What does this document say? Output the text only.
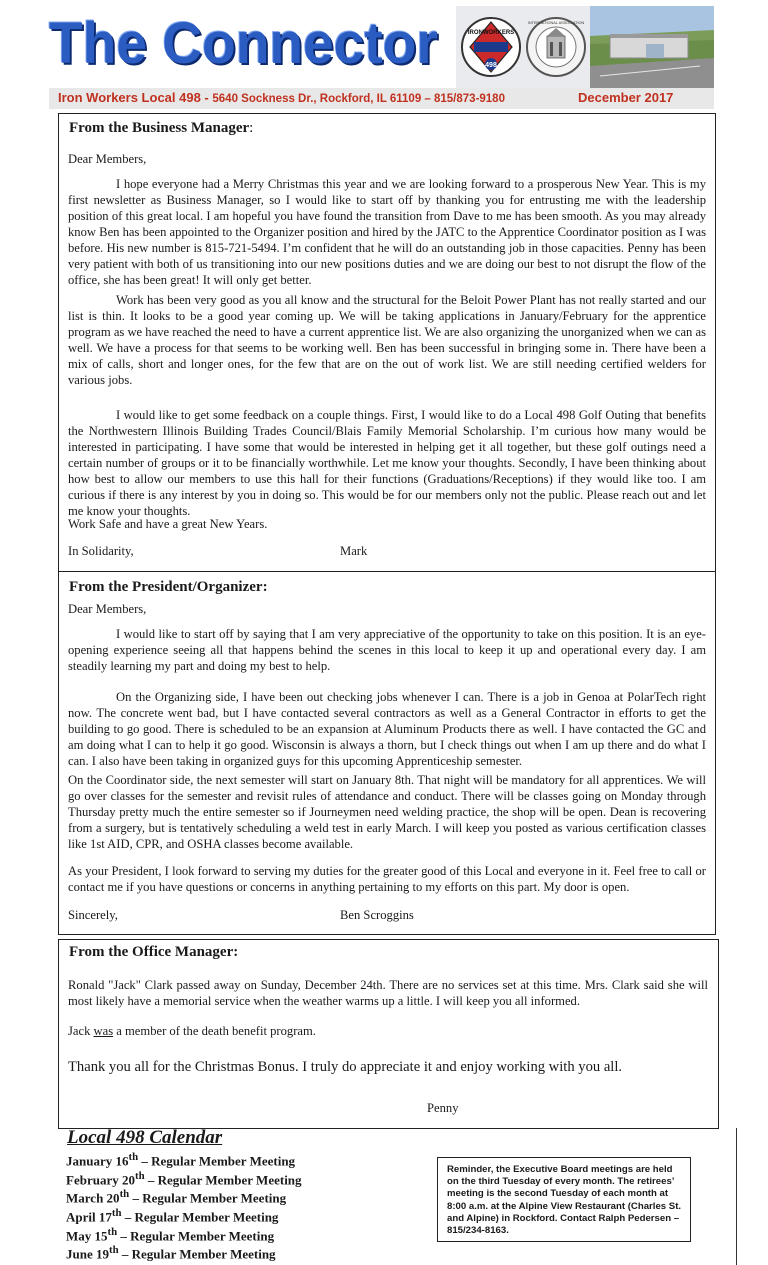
The Connector	IRONWORKERS
498
INTERNATIONAL ASSOCIATION
Iron Workers Local 498 - 5640 Sockness Dr., Rockford, IL 61109 – 815/873-9180	December 2017
From the Business Manager:
Dear Members,
I hope everyone had a Merry Christmas this year and we are looking forward to a prosperous New Year. This is my first newsletter as Business Manager, so I would like to start off by thanking you for entrusting me with the leadership position of this great local. I am hopeful you have found the transition from Dave to me has been smooth. As you may already know Ben has been appointed to the Organizer position and hired by the JATC to the Apprentice Coordinator position as I was before. His new number is 815-721-5494. I’m confident that he will do an outstanding job in those capacities. Penny has been very patient with both of us transitioning into our new positions duties and we are doing our best to not disrupt the flow of the office, she has been great! It will only get better.
Work has been very good as you all know and the structural for the Beloit Power Plant has not really started and our list is thin. It looks to be a good year coming up. We will be taking applications in January/February for the apprentice program as we have reached the need to have a current apprentice list. We are also organizing the unorganized when we can as well. We have a process for that seems to be working well. Ben has been successful in bringing some in. There have been a mix of calls, short and longer ones, for the few that are on the out of work list. We are still needing certified welders for various jobs.
I would like to get some feedback on a couple things. First, I would like to do a Local 498 Golf Outing that benefits the Northwestern Illinois Building Trades Council/Blais Family Memorial Scholarship. I’m curious how many would be interested in participating. I have some that would be interested in helping get it all together, but these golf outings need a certain number of groups or it to be financially worthwhile. Let me know your thoughts. Secondly, I have been thinking about how best to allow our members to use this hall for their functions (Graduations/Receptions) if they would like too. I am curious if there is any interest by you in doing so. This would be for our members only not the public. Please reach out and let me know your thoughts.
Work Safe and have a great New Years.
In Solidarity,	Mark
From the President/Organizer:
Dear Members,
I would like to start off by saying that I am very appreciative of the opportunity to take on this position. It is an eye-opening experience seeing all that happens behind the scenes in this local to keep it up and operational every day. I am steadily learning my part and doing my best to help.
On the Organizing side, I have been out checking jobs whenever I can. There is a job in Genoa at PolarTech right now. The concrete went bad, but I have contacted several contractors as well as a General Contractor in efforts to get the building to go good. There is scheduled to be an expansion at Aluminum Products there as well. I have contacted the GC and am doing what I can to help it go good. Wisconsin is always a thorn, but I check things out when I am up there and do what I can. I also have been taking in organized guys for this upcoming Apprenticeship semester.
On the Coordinator side, the next semester will start on January 8th. That night will be mandatory for all apprentices. We will go over classes for the semester and revisit rules of attendance and conduct. There will be classes going on Monday through Thursday pretty much the entire semester so if Journeymen need welding practice, the shop will be open. Dean is recovering from a surgery, but is tentatively scheduling a weld test in early March. I will keep you posted as various certification classes like 1st AID, CPR, and OSHA classes become available.
As your President, I look forward to serving my duties for the greater good of this Local and everyone in it. Feel free to call or contact me if you have questions or concerns in anything pertaining to my efforts on this part. My door is open.
Sincerely,	Ben Scroggins
From the Office Manager:
Ronald "Jack" Clark passed away on Sunday, December 24th. There are no services set at this time. Mrs. Clark said she will most likely have a memorial service when the weather warms up a little. I will keep you all informed.
Jack was a member of the death benefit program.
Thank you all for the Christmas Bonus. I truly do appreciate it and enjoy working with you all.
Penny
Local 498 Calendar
January 16th – Regular Member Meeting
February 20th – Regular Member Meeting
March 20th – Regular Member Meeting
April 17th – Regular Member Meeting
May 15th – Regular Member Meeting
June 19th – Regular Member Meeting
Reminder, the Executive Board meetings are held on the third Tuesday of every month. The retirees’ meeting is the second Tuesday of each month at 8:00 a.m. at the Alpine View Restaurant (Charles St. and Alpine) in Rockford. Contact Ralph Pedersen – 815/234-8163.
